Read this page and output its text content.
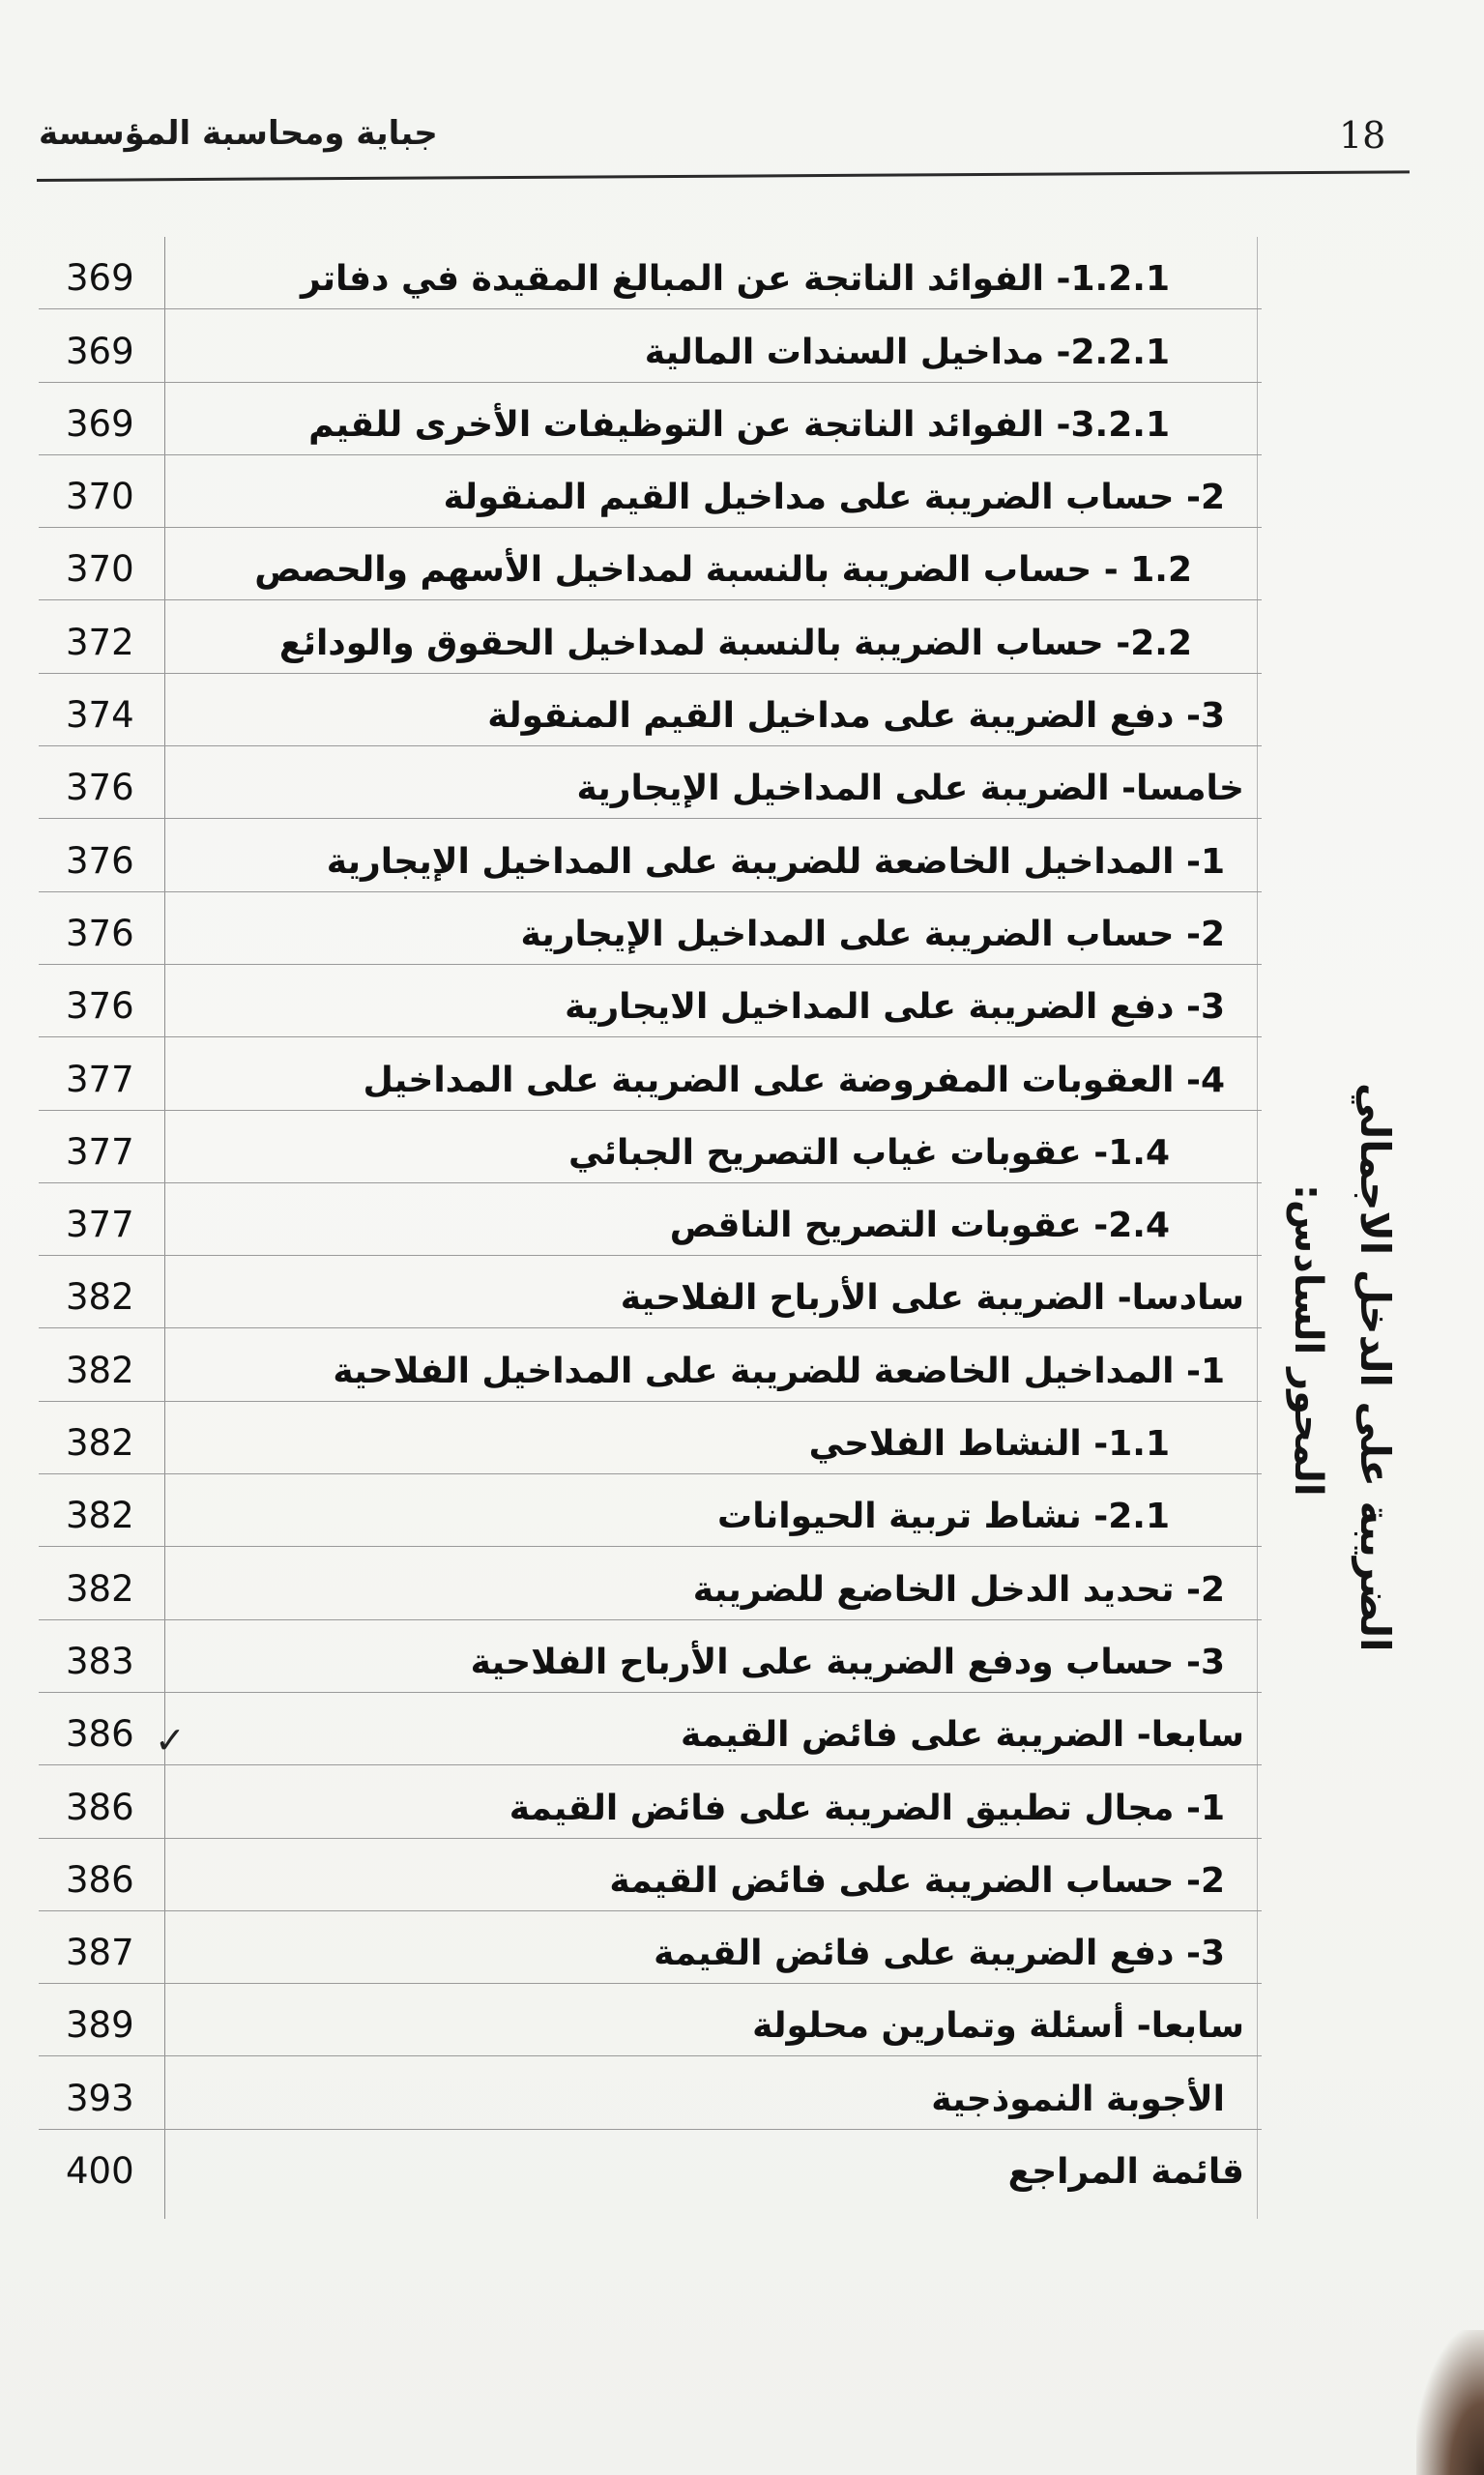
18
جباية ومحاسبة المؤسسة
369	1.2.1- الفوائد الناتجة عن المبالغ المقيدة في دفاتر
369	2.2.1- مداخيل السندات المالية
369	3.2.1- الفوائد الناتجة عن التوظيفات الأخرى للقيم
370	2- حساب الضريبة على مداخيل القيم المنقولة
370	1.2 - حساب الضريبة بالنسبة لمداخيل الأسهم والحصص
372	2.2- حساب الضريبة بالنسبة لمداخيل الحقوق والودائع
374	3- دفع الضريبة على مداخيل القيم المنقولة
376	خامسا- الضريبة على المداخيل الإيجارية
376	1- المداخيل الخاضعة للضريبة على المداخيل الإيجارية
376	2- حساب الضريبة على المداخيل الإيجارية
376	3- دفع الضريبة على المداخيل الايجارية
377	4- العقوبات المفروضة على الضريبة على المداخيل
377	1.4- عقوبات غياب التصريح الجبائي
377	2.4- عقوبات التصريح الناقص
382	سادسا- الضريبة على الأرباح الفلاحية
382	1- المداخيل الخاضعة للضريبة على المداخيل الفلاحية
382	1.1- النشاط الفلاحي
382	2.1- نشاط تربية الحيوانات
382	2- تحديد الدخل الخاضع للضريبة
383	3- حساب ودفع الضريبة على الأرباح الفلاحية
386	سابعا- الضريبة على فائض القيمة
386	1- مجال تطبيق الضريبة على فائض القيمة
386	2- حساب الضريبة على فائض القيمة
387	3- دفع الضريبة على فائض القيمة
389	سابعا- أسئلة وتمارين محلولة
393	الأجوبة النموذجية
400	قائمة المراجع
المحور السادس: الضريبة على الدخل الاجمالي
✓
